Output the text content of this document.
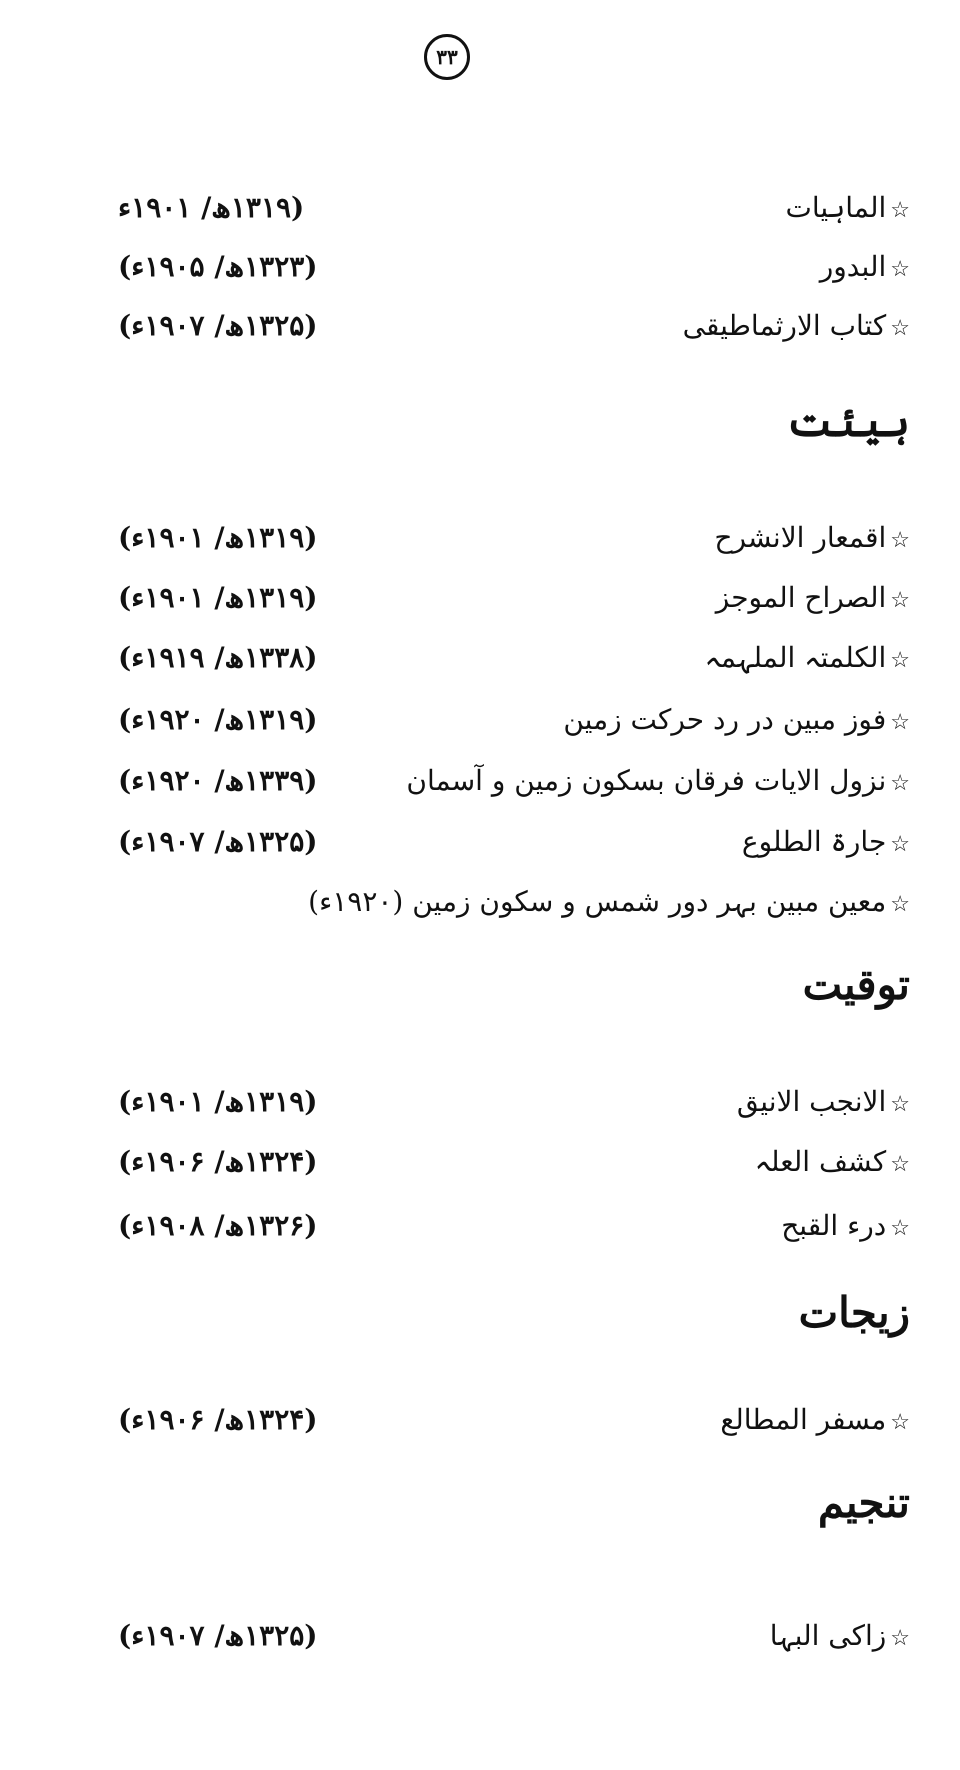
۳۳
☆الماہیات
(۱۳۱۹ھ/ ۱۹۰۱ء
☆البدور
(۱۳۲۳ھ/ ۱۹۰۵ء)
☆کتاب الارثماطیقی
(۱۳۲۵ھ/ ۱۹۰۷ء)
ہیئت
☆اقمعار الانشرح
(۱۳۱۹ھ/ ۱۹۰۱ء)
☆الصراح الموجز
(۱۳۱۹ھ/ ۱۹۰۱ء)
☆الکلمتہ الملہمہ
(۱۳۳۸ھ/ ۱۹۱۹ء)
☆فوز مبین در رد حرکت زمین
(۱۳۱۹ھ/ ۱۹۲۰ء)
☆نزول الایات فرقان بسکون زمین و آسمان
(۱۳۳۹ھ/ ۱۹۲۰ء)
☆جارۃ الطلوع
(۱۳۲۵ھ/ ۱۹۰۷ء)
☆معین مبین بہر دور شمس و سکون زمین (۱۹۲۰ء)
توقیت
☆الانجب الانیق
(۱۳۱۹ھ/ ۱۹۰۱ء)
☆کشف العلہ
(۱۳۲۴ھ/ ۱۹۰۶ء)
☆درء القبح
(۱۳۲۶ھ/ ۱۹۰۸ء)
زیجات
☆مسفر المطالع
(۱۳۲۴ھ/ ۱۹۰۶ء)
تنجیم
☆زاکی البہا
(۱۳۲۵ھ/ ۱۹۰۷ء)
